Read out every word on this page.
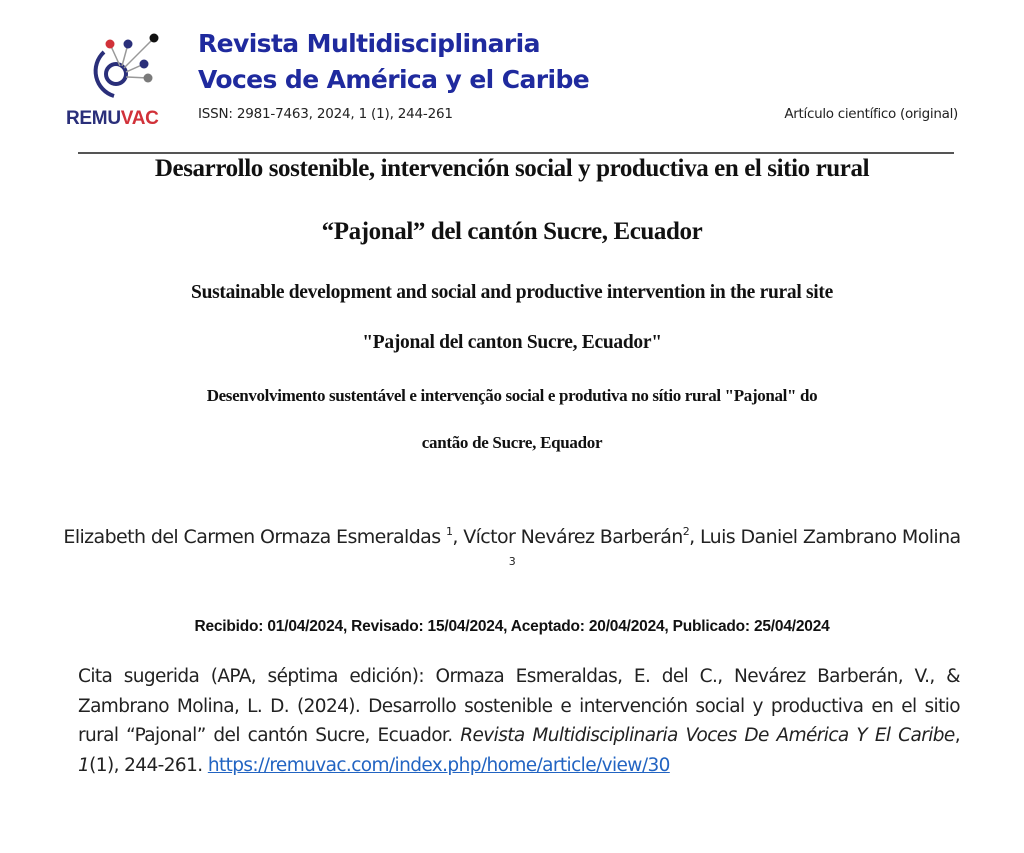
REMUVAC
Revista Multidisciplinaria
Voces de América y el Caribe
ISSN: 2981-7463, 2024, 1 (1), 244-261	Artículo científico (original)
Desarrollo sostenible, intervención social y productiva en el sitio rural
“Pajonal” del cantón Sucre, Ecuador
Sustainable development and social and productive intervention in the rural site
"Pajonal del canton Sucre, Ecuador"
Desenvolvimento sustentável e intervenção social e produtiva no sítio rural "Pajonal" do
cantão de Sucre, Equador
Elizabeth del Carmen Ormaza Esmeraldas $^1$, Víctor Nevárez Barberán$^2$, Luis Daniel Zambrano Molina $^3$
Recibido: 01/04/2024, Revisado: 15/04/2024, Aceptado: 20/04/2024, Publicado: 25/04/2024
Cita sugerida (APA, séptima edición): Ormaza Esmeraldas, E. del C., Nevárez Barberán, V., & Zambrano Molina, L. D. (2024). Desarrollo sostenible e intervención social y productiva en el sitio rural “Pajonal” del cantón Sucre, Ecuador. Revista Multidisciplinaria Voces De América Y El Caribe, 1(1), 244-261. https://remuvac.com/index.php/home/article/view/30
